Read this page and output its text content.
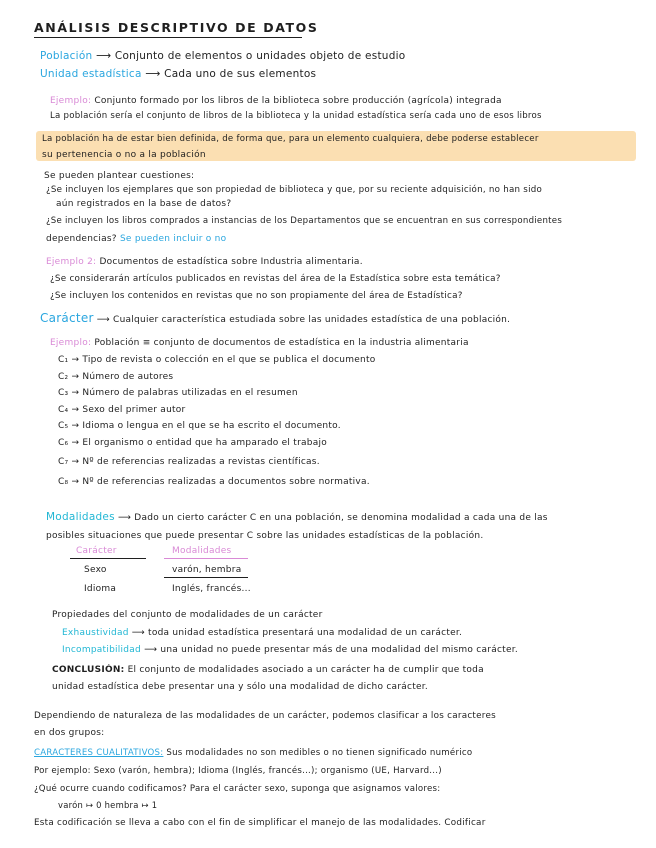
ANÁLISIS DESCRIPTIVO DE DATOS
Población ⟶ Conjunto de elementos o unidades objeto de estudio
Unidad estadística ⟶ Cada uno de sus elementos
Ejemplo: Conjunto formado por los libros de la biblioteca sobre producción (agrícola) integrada
La población sería el conjunto de libros de la biblioteca y la unidad estadística sería cada uno de esos libros
La población ha de estar bien definida, de forma que, para un elemento cualquiera, debe poderse establecer
su pertenencia o no a la población
Se pueden plantear cuestiones:
¿Se incluyen los ejemplares que son propiedad de biblioteca y que, por su reciente adquisición, no han sido
aún registrados en la base de datos?
¿Se incluyen los libros comprados a instancias de los Departamentos que se encuentran en sus correspondientes
dependencias? Se pueden incluir o no
Ejemplo 2: Documentos de estadística sobre Industria alimentaria.
¿Se considerarán artículos publicados en revistas del área de la Estadística sobre esta temática?
¿Se incluyen los contenidos en revistas que no son propiamente del área de Estadística?
Carácter ⟶ Cualquier característica estudiada sobre las unidades estadística de una población.
Ejemplo: Población ≡ conjunto de documentos de estadística en la industria alimentaria
C₁ → Tipo de revista o colección en el que se publica el documento
C₂ → Número de autores
C₃ → Número de palabras utilizadas en el resumen
C₄ → Sexo del primer autor
C₅ → Idioma o lengua en el que se ha escrito el documento.
C₆ → El organismo o entidad que ha amparado el trabajo
C₇ → Nº de referencias realizadas a revistas científicas.
C₈ → Nº de referencias realizadas a documentos sobre normativa.
Modalidades ⟶ Dado un cierto carácter C en una población, se denomina modalidad a cada una de las
posibles situaciones que puede presentar C sobre las unidades estadísticas de la población.
Carácter	Modalidades
Sexo	varón, hembra
Idioma	Inglés, francés...
Propiedades del conjunto de modalidades de un carácter
Exhaustividad ⟶ toda unidad estadística presentará una modalidad de un carácter.
Incompatibilidad ⟶ una unidad no puede presentar más de una modalidad del mismo carácter.
CONCLUSIÓN: El conjunto de modalidades asociado a un carácter ha de cumplir que toda
unidad estadística debe presentar una y sólo una modalidad de dicho carácter.
Dependiendo de naturaleza de las modalidades de un carácter, podemos clasificar a los caracteres
en dos grupos:
CARACTERES CUALITATIVOS: Sus modalidades no son medibles o no tienen significado numérico
Por ejemplo: Sexo (varón, hembra); Idioma (Inglés, francés...); organismo (UE, Harvard...)
¿Qué ocurre cuando codificamos? Para el carácter sexo, suponga que asignamos valores:
varón ↦ 0 hembra ↦ 1
Esta codificación se lleva a cabo con el fin de simplificar el manejo de las modalidades. Codificar
